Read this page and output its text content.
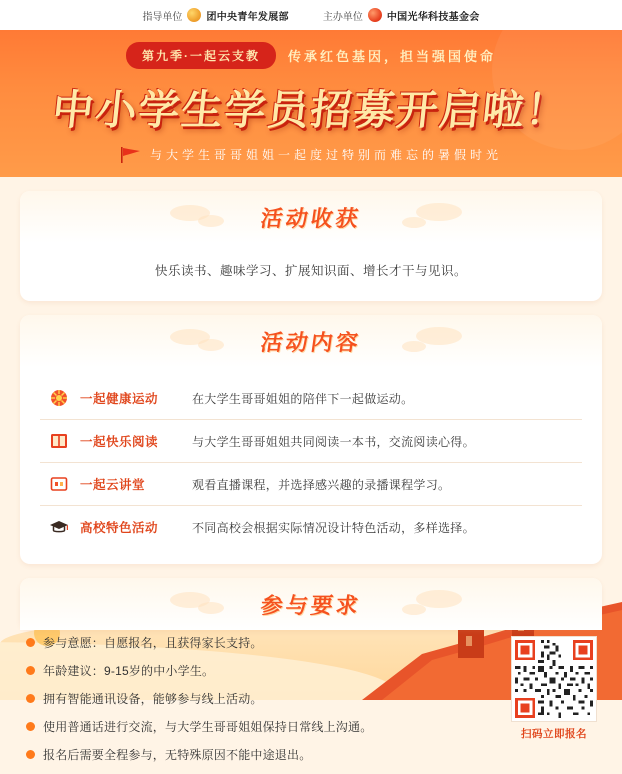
指导单位 团中央青年发展部	主办单位 中国光华科技基金会
第九季·一起云支教	传承红色基因，担当强国使命
中小学生学员招募开启啦！
与大学生哥哥姐姐一起度过特别而难忘的暑假时光
活动收获
快乐读书、趣味学习、扩展知识面、增长才干与见识。
活动内容
一起健康运动	在大学生哥哥姐姐的陪伴下一起做运动。
一起快乐阅读	与大学生哥哥姐姐共同阅读一本书，交流阅读心得。
一起云讲堂	观看直播课程，并选择感兴趣的录播课程学习。
高校特色活动	不同高校会根据实际情况设计特色活动，多样选择。
参与要求
参与意愿：自愿报名，且获得家长支持。
年龄建议：9-15岁的中小学生。
拥有智能通讯设备，能够参与线上活动。
使用普通话进行交流，与大学生哥哥姐姐保持日常线上沟通。
报名后需要全程参与，无特殊原因不能中途退出。
扫码立即报名
